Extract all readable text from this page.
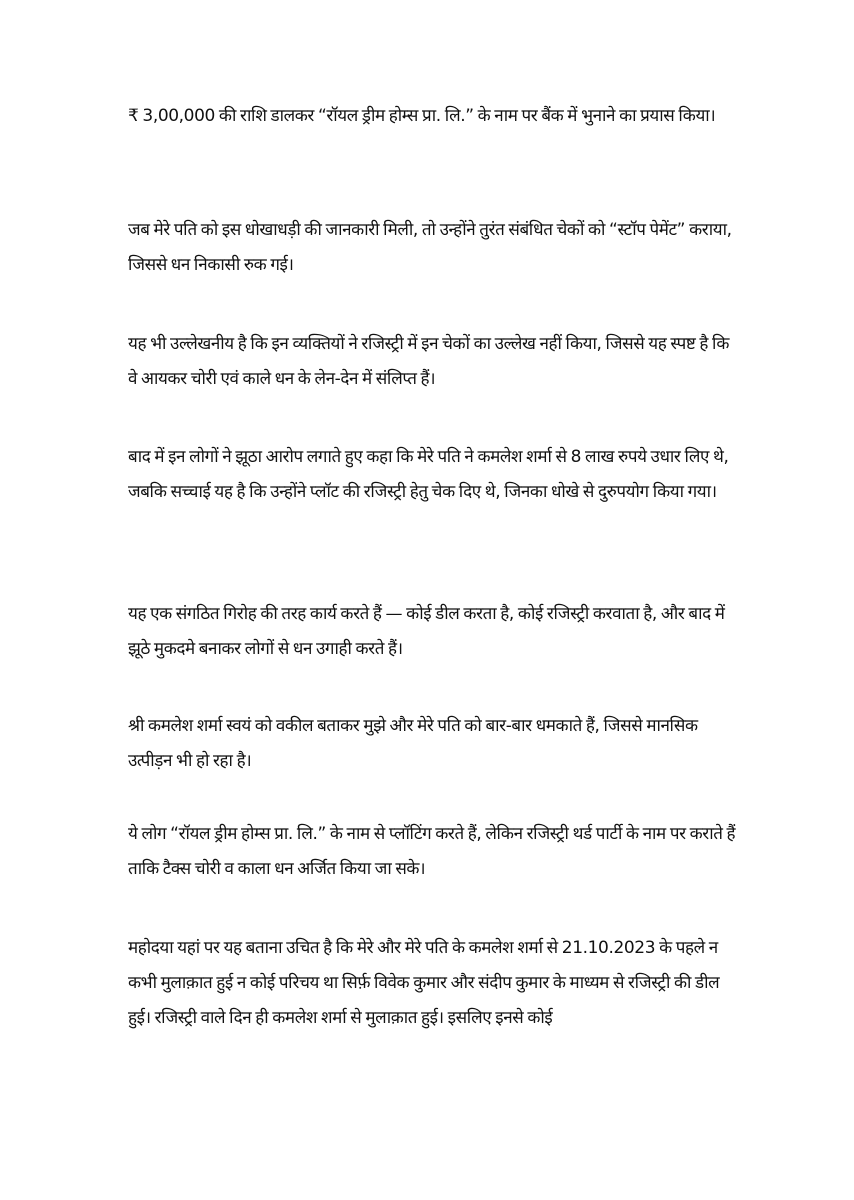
₹ 3,00,000 की राशि डालकर “रॉयल ड्रीम होम्स प्रा. लि.” के नाम पर बैंक में भुनाने का प्रयास किया।

जब मेरे पति को इस धोखाधड़ी की जानकारी मिली, तो उन्होंने तुरंत संबंधित चेकों को “स्टॉप पेमेंट” कराया, जिससे धन निकासी रुक गई।

यह भी उल्लेखनीय है कि इन व्यक्तियों ने रजिस्ट्री में इन चेकों का उल्लेख नहीं किया, जिससे यह स्पष्ट है कि वे आयकर चोरी एवं काले धन के लेन-देन में संलिप्त हैं।

बाद में इन लोगों ने झूठा आरोप लगाते हुए कहा कि मेरे पति ने कमलेश शर्मा से 8 लाख रुपये उधार लिए थे, जबकि सच्चाई यह है कि उन्होंने प्लॉट की रजिस्ट्री हेतु चेक दिए थे, जिनका धोखे से दुरुपयोग किया गया।

यह एक संगठित गिरोह की तरह कार्य करते हैं — कोई डील करता है, कोई रजिस्ट्री करवाता है, और बाद में झूठे मुकदमे बनाकर लोगों से धन उगाही करते हैं।

श्री कमलेश शर्मा स्वयं को वकील बताकर मुझे और मेरे पति को बार-बार धमकाते हैं, जिससे मानसिक उत्पीड़न भी हो रहा है।

ये लोग “रॉयल ड्रीम होम्स प्रा. लि.” के नाम से प्लॉटिंग करते हैं, लेकिन रजिस्ट्री थर्ड पार्टी के नाम पर कराते हैं ताकि टैक्स चोरी व काला धन अर्जित किया जा सके।

महोदया यहां पर यह बताना उचित है कि मेरे और मेरे पति के कमलेश शर्मा से 21.10.2023 के पहले न कभी मुलाक़ात हुई न कोई परिचय था सिर्फ़ विवेक कुमार और संदीप कुमार के माध्यम से रजिस्ट्री की डील हुई। रजिस्ट्री वाले दिन ही कमलेश शर्मा से मुलाक़ात हुई। इसलिए इनसे कोई
